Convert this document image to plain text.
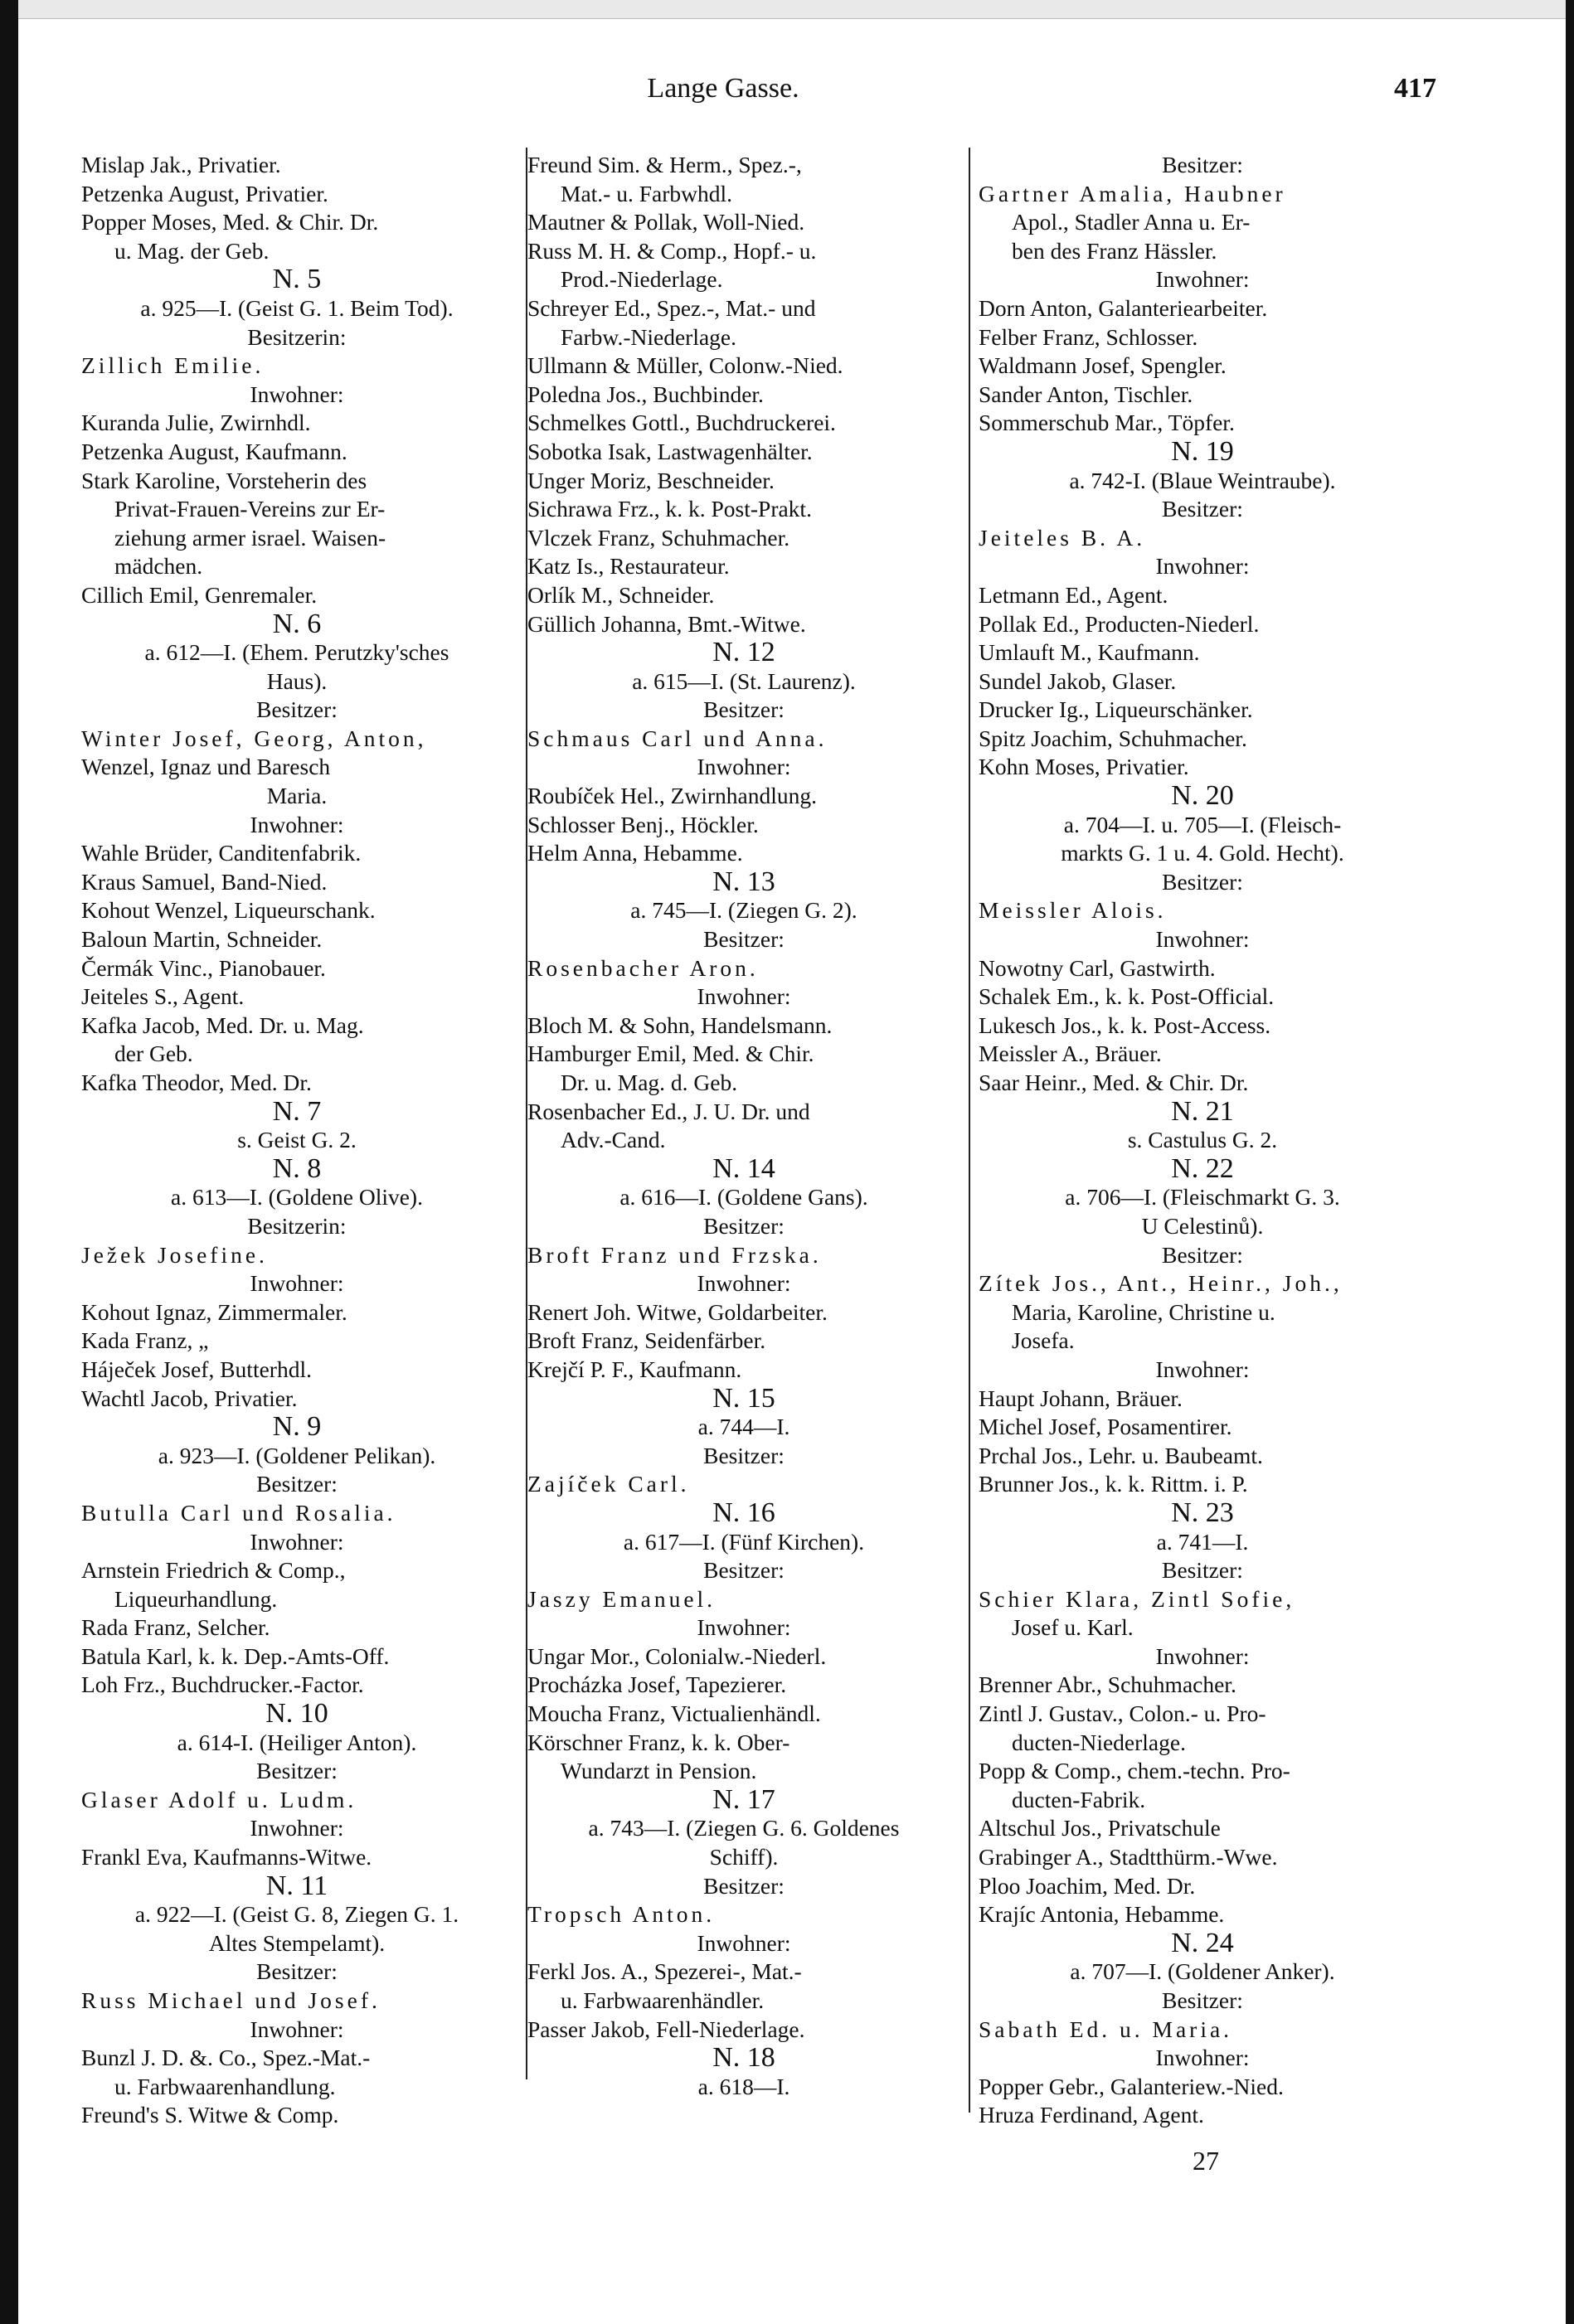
Lange Gasse.	417
Mislap Jak., Privatier.
Petzenka August, Privatier.
Popper Moses, Med. & Chir. Dr.
u. Mag. der Geb.
N. 5
a. 925—I. (Geist G. 1. Beim Tod).
Besitzerin:
Zillich Emilie.
Inwohner:
Kuranda Julie, Zwirnhdl.
Petzenka August, Kaufmann.
Stark Karoline, Vorsteherin des
Privat-Frauen-Vereins zur Er-
ziehung armer israel. Waisen-
mädchen.
Cillich Emil, Genremaler.
N. 6
a. 612—I. (Ehem. Perutzky'sches
Haus).
Besitzer:
Winter Josef, Georg, Anton,
Wenzel, Ignaz und Baresch
Maria.
Inwohner:
Wahle Brüder, Canditenfabrik.
Kraus Samuel, Band-Nied.
Kohout Wenzel, Liqueurschank.
Baloun Martin, Schneider.
Čermák Vinc., Pianobauer.
Jeiteles S., Agent.
Kafka Jacob, Med. Dr. u. Mag.
der Geb.
Kafka Theodor, Med. Dr.
N. 7
s. Geist G. 2.
N. 8
a. 613—I. (Goldene Olive).
Besitzerin:
Ježek Josefine.
Inwohner:
Kohout Ignaz, Zimmermaler.
Kada Franz, „
Háječek Josef, Butterhdl.
Wachtl Jacob, Privatier.
N. 9
a. 923—I. (Goldener Pelikan).
Besitzer:
Butulla Carl und Rosalia.
Inwohner:
Arnstein Friedrich & Comp.,
Liqueurhandlung.
Rada Franz, Selcher.
Batula Karl, k. k. Dep.-Amts-Off.
Loh Frz., Buchdrucker.-Factor.
N. 10
a. 614-I. (Heiliger Anton).
Besitzer:
Glaser Adolf u. Ludm.
Inwohner:
Frankl Eva, Kaufmanns-Witwe.
N. 11
a. 922—I. (Geist G. 8, Ziegen G. 1.
Altes Stempelamt).
Besitzer:
Russ Michael und Josef.
Inwohner:
Bunzl J. D. &. Co., Spez.-Mat.-
u. Farbwaarenhandlung.
Freund's S. Witwe & Comp.
Freund Sim. & Herm., Spez.-,
Mat.- u. Farbwhdl.
Mautner & Pollak, Woll-Nied.
Russ M. H. & Comp., Hopf.- u.
Prod.-Niederlage.
Schreyer Ed., Spez.-, Mat.- und
Farbw.-Niederlage.
Ullmann & Müller, Colonw.-Nied.
Poledna Jos., Buchbinder.
Schmelkes Gottl., Buchdruckerei.
Sobotka Isak, Lastwagenhälter.
Unger Moriz, Beschneider.
Sichrawa Frz., k. k. Post-Prakt.
Vlczek Franz, Schuhmacher.
Katz Is., Restaurateur.
Orlík M., Schneider.
Güllich Johanna, Bmt.-Witwe.
N. 12
a. 615—I. (St. Laurenz).
Besitzer:
Schmaus Carl und Anna.
Inwohner:
Roubíček Hel., Zwirnhandlung.
Schlosser Benj., Höckler.
Helm Anna, Hebamme.
N. 13
a. 745—I. (Ziegen G. 2).
Besitzer:
Rosenbacher Aron.
Inwohner:
Bloch M. & Sohn, Handelsmann.
Hamburger Emil, Med. & Chir.
Dr. u. Mag. d. Geb.
Rosenbacher Ed., J. U. Dr. und
Adv.-Cand.
N. 14
a. 616—I. (Goldene Gans).
Besitzer:
Broft Franz und Frzska.
Inwohner:
Renert Joh. Witwe, Goldarbeiter.
Broft Franz, Seidenfärber.
Krejčí P. F., Kaufmann.
N. 15
a. 744—I.
Besitzer:
Zajíček Carl.
N. 16
a. 617—I. (Fünf Kirchen).
Besitzer:
Jaszy Emanuel.
Inwohner:
Ungar Mor., Colonialw.-Niederl.
Procházka Josef, Tapezierer.
Moucha Franz, Victualienhändl.
Körschner Franz, k. k. Ober-
Wundarzt in Pension.
N. 17
a. 743—I. (Ziegen G. 6. Goldenes
Schiff).
Besitzer:
Tropsch Anton.
Inwohner:
Ferkl Jos. A., Spezerei-, Mat.-
u. Farbwaarenhändler.
Passer Jakob, Fell-Niederlage.
N. 18
a. 618—I.
Besitzer:
Gartner Amalia, Haubner
Apol., Stadler Anna u. Er-
ben des Franz Hässler.
Inwohner:
Dorn Anton, Galanteriearbeiter.
Felber Franz, Schlosser.
Waldmann Josef, Spengler.
Sander Anton, Tischler.
Sommerschub Mar., Töpfer.
N. 19
a. 742-I. (Blaue Weintraube).
Besitzer:
Jeiteles B. A.
Inwohner:
Letmann Ed., Agent.
Pollak Ed., Producten-Niederl.
Umlauft M., Kaufmann.
Sundel Jakob, Glaser.
Drucker Ig., Liqueurschänker.
Spitz Joachim, Schuhmacher.
Kohn Moses, Privatier.
N. 20
a. 704—I. u. 705—I. (Fleisch-
markts G. 1 u. 4. Gold. Hecht).
Besitzer:
Meissler Alois.
Inwohner:
Nowotny Carl, Gastwirth.
Schalek Em., k. k. Post-Official.
Lukesch Jos., k. k. Post-Access.
Meissler A., Bräuer.
Saar Heinr., Med. & Chir. Dr.
N. 21
s. Castulus G. 2.
N. 22
a. 706—I. (Fleischmarkt G. 3.
U Celestinů).
Besitzer:
Zítek Jos., Ant., Heinr., Joh.,
Maria, Karoline, Christine u.
Josefa.
Inwohner:
Haupt Johann, Bräuer.
Michel Josef, Posamentirer.
Prchal Jos., Lehr. u. Baubeamt.
Brunner Jos., k. k. Rittm. i. P.
N. 23
a. 741—I.
Besitzer:
Schier Klara, Zintl Sofie,
Josef u. Karl.
Inwohner:
Brenner Abr., Schuhmacher.
Zintl J. Gustav., Colon.- u. Pro-
ducten-Niederlage.
Popp & Comp., chem.-techn. Pro-
ducten-Fabrik.
Altschul Jos., Privatschule
Grabinger A., Stadtthürm.-Wwe.
Ploo Joachim, Med. Dr.
Krajíc Antonia, Hebamme.
N. 24
a. 707—I. (Goldener Anker).
Besitzer:
Sabath Ed. u. Maria.
Inwohner:
Popper Gebr., Galanteriew.-Nied.
Hruza Ferdinand, Agent.
27
